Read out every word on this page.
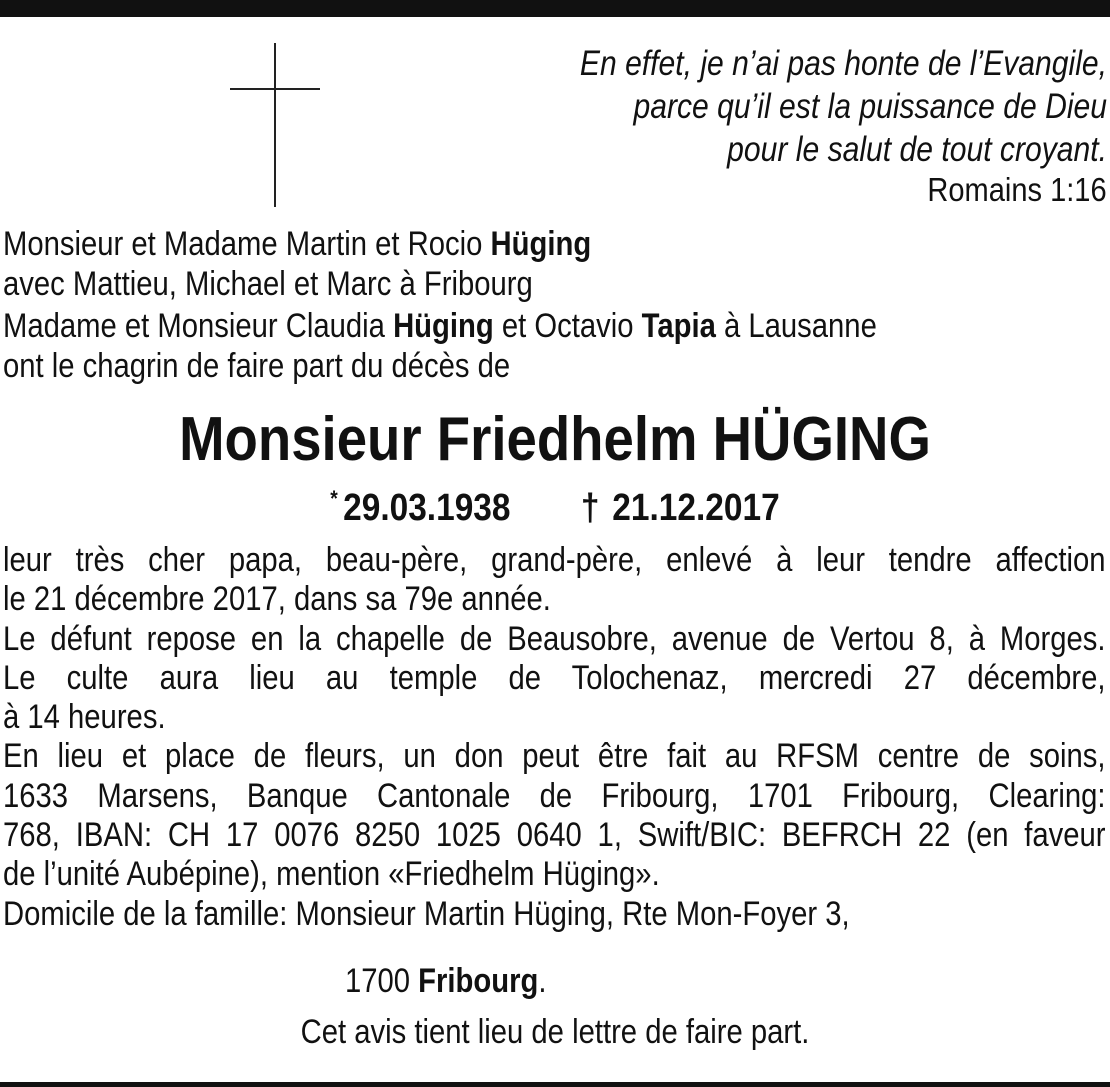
En effet, je n’ai pas honte de l’Evangile,
parce qu’il est la puissance de Dieu
pour le salut de tout croyant.
Romains 1:16
Monsieur et Madame Martin et Rocio Hüging
avec Mattieu, Michael et Marc à Fribourg
Madame et Monsieur Claudia Hüging et Octavio Tapia à Lausanne
ont le chagrin de faire part du décès de
Monsieur Friedhelm HÜGING
* 29.03.1938 † 21.12.2017

leur très cher papa, beau-père, grand-père, enlevé à leur tendre affection

le 21 décembre 2017, dans sa 79e année.

Le défunt repose en la chapelle de Beausobre, avenue de Vertou 8, à Morges.

Le culte aura lieu au temple de Tolochenaz, mercredi 27 décembre,

à 14 heures.

En lieu et place de fleurs, un don peut être fait au RFSM centre de soins,

1633 Marsens, Banque Cantonale de Fribourg, 1701 Fribourg, Clearing:

768, IBAN: CH 17 0076 8250 1025 0640 1, Swift/BIC: BEFRCH 22 (en faveur

de l’unité Aubépine), mention «Friedhelm Hüging».

Domicile de la famille: Monsieur Martin Hüging, Rte Mon-Foyer 3,

1700 Fribourg.
Cet avis tient lieu de lettre de faire part.
